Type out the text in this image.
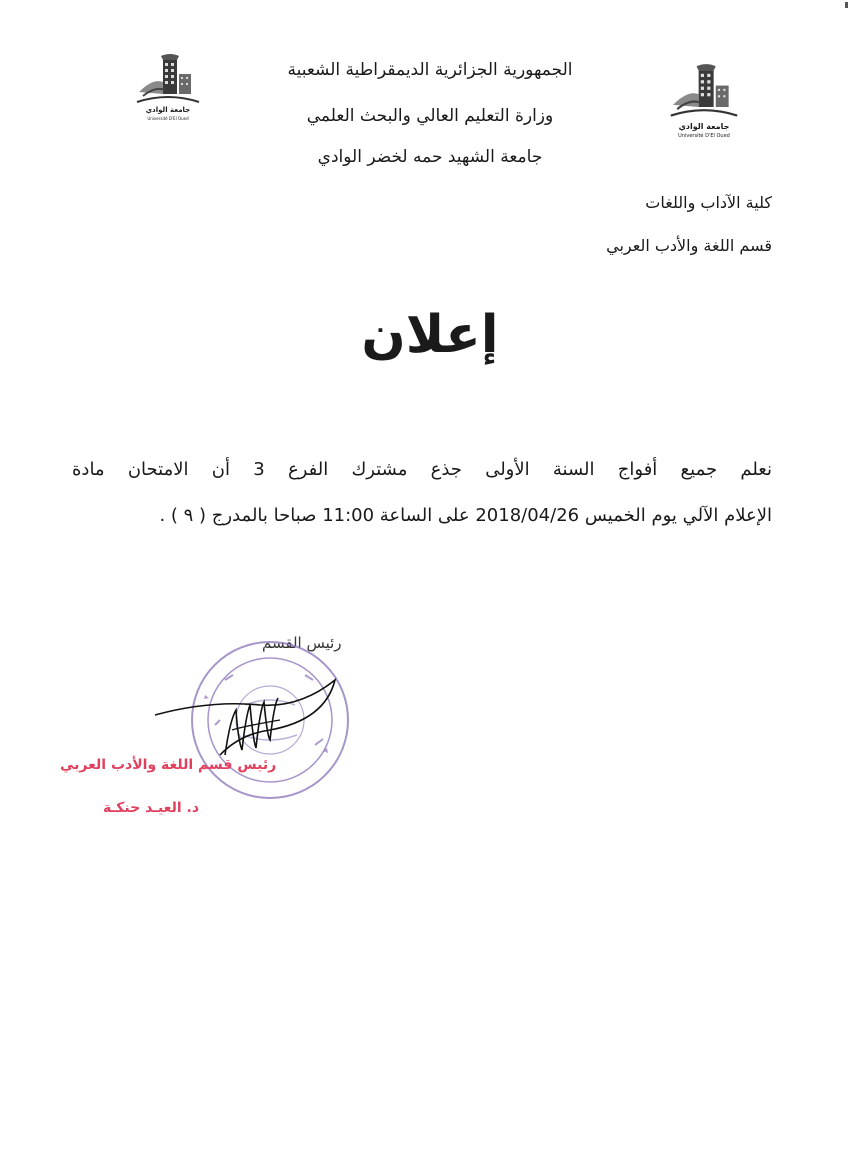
جامعة الوادي
Université D'El Oued
جامعة الوادي
Université D'El Oued
الجمهورية الجزائرية الديمقراطية الشعبية
وزارة التعليم العالي والبحث العلمي
جامعة الشهيد حمه لخضر الوادي
كلية الآداب واللغات
قسم اللغة والأدب العربي
إعلان
نعلم جميع أفواج السنة الأولى جذع مشترك الفرع 3 أن الامتحان مادة
الإعلام الآلي يوم الخميس 2018/04/26 على الساعة 11:00 صباحا بالمدرج ( ٩ ) .
رئيس القسم
رئيس قسم اللغة والأدب العربي
د. العيـد حنكـة
